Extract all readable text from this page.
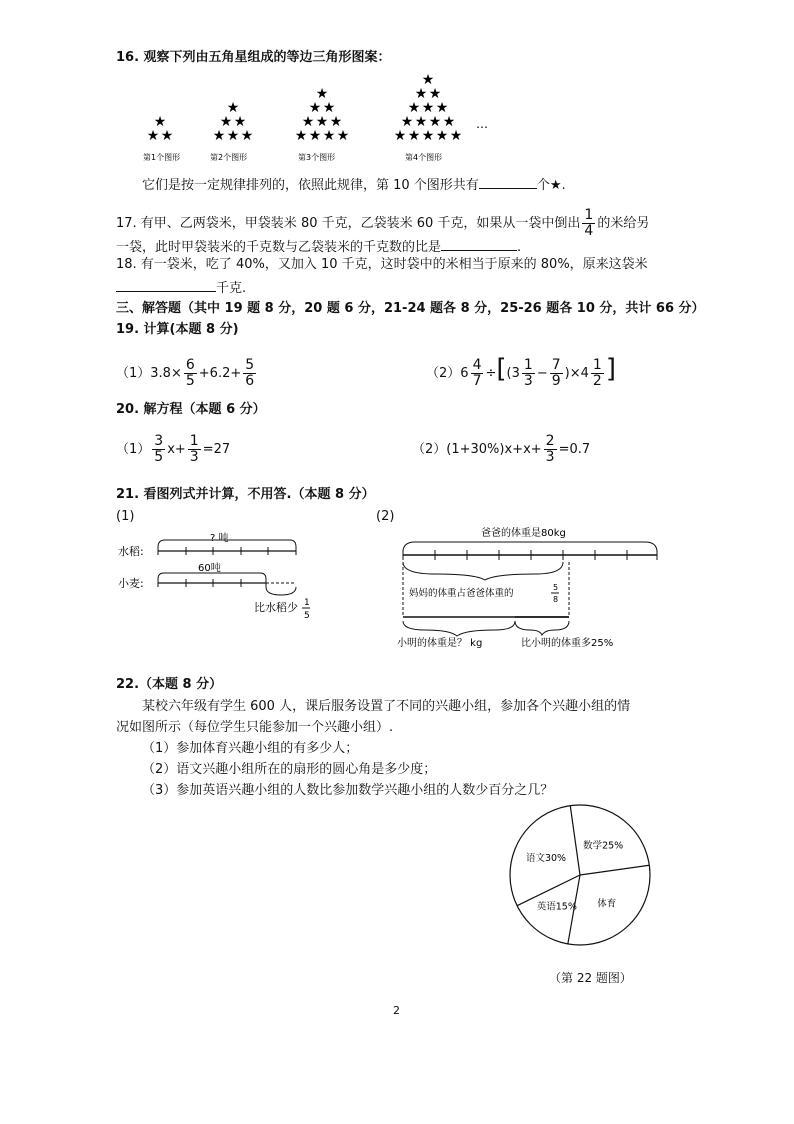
16. 观察下列由五角星组成的等边三角形图案：
★
★ ★
★
★ ★
★ ★ ★
★
★ ★
★ ★ ★
★ ★ ★ ★
★
★ ★
★ ★ ★
★ ★ ★ ★
★ ★ ★ ★ ★
第1个图形	第2个图形	第3个图形	第4个图形
…
它们是按一定规律排列的，依照此规律，第 10 个图形共有	个★.
17. 有甲、乙两袋米，甲袋装米 80 千克，乙袋装米 60 千克，如果从一袋中倒出 $\frac{1}{4}$ 的米给另
一袋，此时甲袋装米的千克数与乙袋装米的千克数的比是	.
18. 有一袋米，吃了 40%，又加入 10 千克，这时袋中的米相当于原来的 80%，原来这袋米
千克.
三、解答题（其中 19 题 8 分，20 题 6 分，21-24 题各 8 分，25-26 题各 10 分，共计 66 分）
19. 计算(本题 8 分)
$(1)3.8\times \frac{6}{5} +6.2+ \frac{5}{6}$	$(2)6 \frac{4}{7} \div[(3 \frac{1}{3} - \frac{7}{9} )\times 4 \frac{1}{2}$ ]
20. 解方程（本题 6 分）
$(1) \frac{3}{5} x+ \frac{1}{3} =27$	$(2)(1+30\%)x+x+ \frac{2}{3} =0.7$
21. 看图列式并计算，不用答.（本题 8 分）
(1)	(2)
水稻:
? 吨
小麦:
60吨
比水稻少 1
5
爸爸的体重是80kg
妈妈的体重占爸爸体重的
5
8
小明的体重是？ kg	比小明的体重多25%
22.（本题 8 分）
某校六年级有学生 600 人，课后服务设置了不同的兴趣小组，参加各个兴趣小组的情
况如图所示（每位学生只能参加一个兴趣小组）.
（1）参加体育兴趣小组的有多少人；
（2）语文兴趣小组所在的扇形的圆心角是多少度；
（3）参加英语兴趣小组的人数比参加数学兴趣小组的人数少百分之几？
数学25%
体育
英语15%
语文30%
（第 22 题图）
2
